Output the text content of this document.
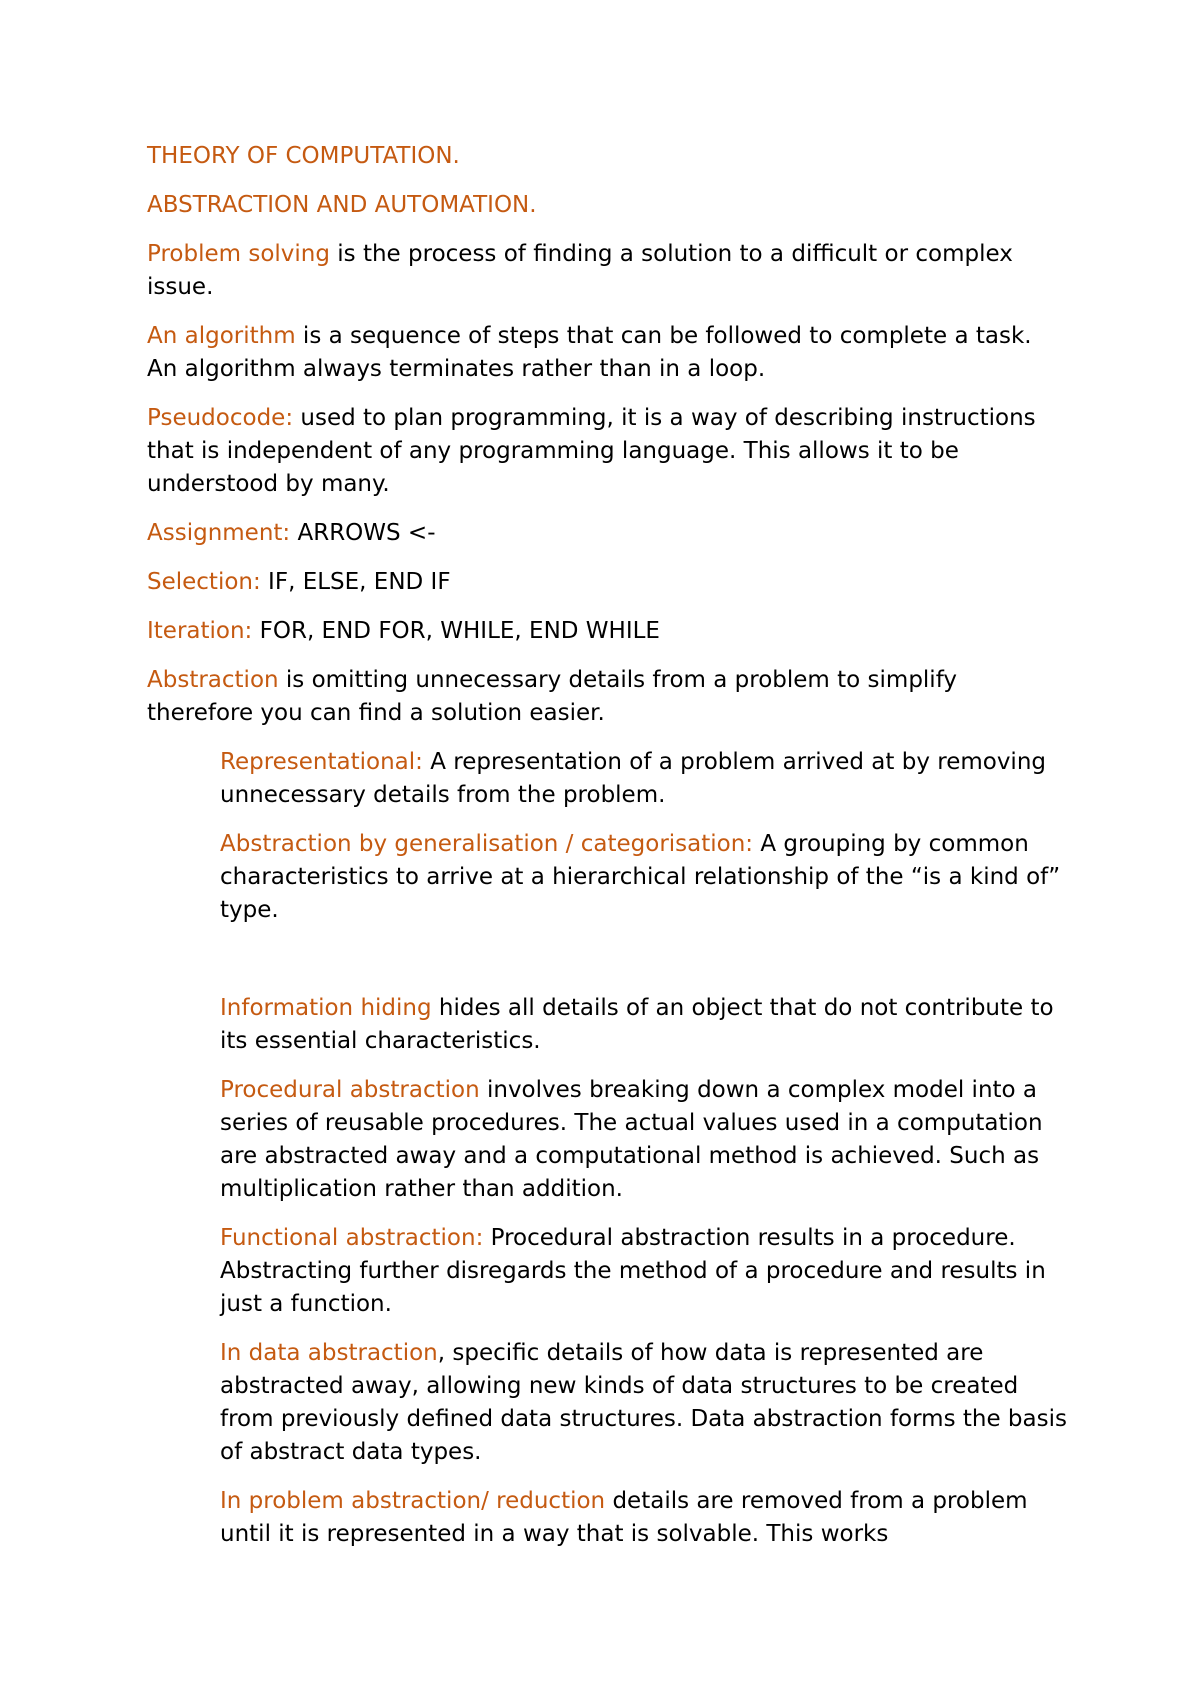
THEORY OF COMPUTATION.

ABSTRACTION AND AUTOMATION.

Problem solving is the process of finding a solution to a difficult or complex issue.

An algorithm is a sequence of steps that can be followed to complete a task. An algorithm always terminates rather than in a loop.

Pseudocode: used to plan programming, it is a way of describing instructions that is independent of any programming language. This allows it to be understood by many.

Assignment: ARROWS <-

Selection: IF, ELSE, END IF

Iteration: FOR, END FOR, WHILE, END WHILE

Abstraction is omitting unnecessary details from a problem to simplify therefore you can find a solution easier.

Representational: A representation of a problem arrived at by removing unnecessary details from the problem.

Abstraction by generalisation / categorisation: A grouping by common characteristics to arrive at a hierarchical relationship of the “is a kind of” type.

Information hiding hides all details of an object that do not contribute to its essential characteristics.

Procedural abstraction involves breaking down a complex model into a series of reusable procedures. The actual values used in a computation are abstracted away and a computational method is achieved. Such as multiplication rather than addition.

Functional abstraction: Procedural abstraction results in a procedure. Abstracting further disregards the method of a procedure and results in just a function.

In data abstraction, specific details of how data is represented are abstracted away, allowing new kinds of data structures to be created from previously defined data structures. Data abstraction forms the basis of abstract data types.

In problem abstraction/ reduction details are removed from a problem until it is represented in a way that is solvable. This works
